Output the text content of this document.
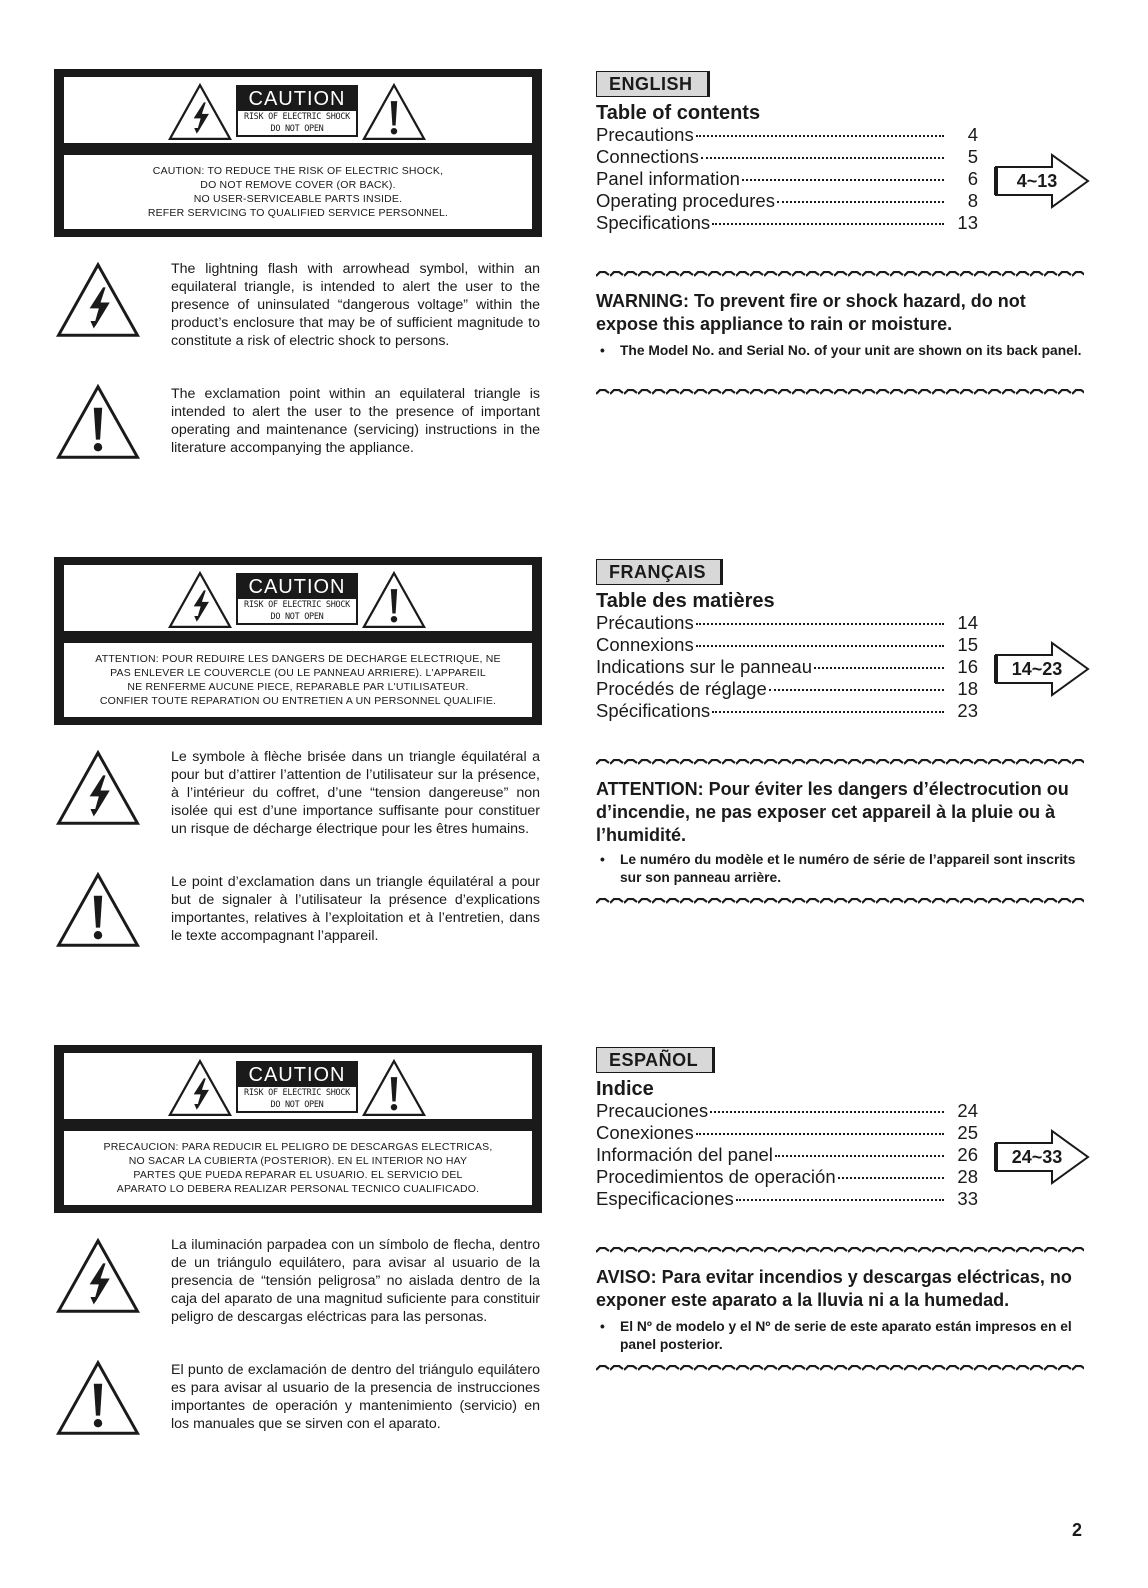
CAUTION
RISK OF ELECTRIC SHOCK
DO NOT OPEN
CAUTION: TO REDUCE THE RISK OF ELECTRIC SHOCK,
DO NOT REMOVE COVER (OR BACK).
NO USER-SERVICEABLE PARTS INSIDE.
REFER SERVICING TO QUALIFIED SERVICE PERSONNEL.
The lightning flash with arrowhead symbol, within an equilateral triangle, is intended to alert the user to the presence of uninsulated “dangerous voltage” within the product’s enclosure that may be of sufficient magnitude to constitute a risk of electric shock to persons.
The exclamation point within an equilateral triangle is intended to alert the user to the presence of important operating and maintenance (servicing) instructions in the literature accompanying the appliance.
ENGLISH
Table of contents
Precautions	4
Connections	5
Panel information	6
Operating procedures	8
Specifications	13
4~13
WARNING: To prevent fire or shock hazard, do not expose this appliance to rain or moisture.
• The Model No. and Serial No. of your unit are shown on its back panel.
CAUTION
RISK OF ELECTRIC SHOCK
DO NOT OPEN
ATTENTION: POUR REDUIRE LES DANGERS DE DECHARGE ELECTRIQUE, NE
PAS ENLEVER LE COUVERCLE (OU LE PANNEAU ARRIERE). L'APPAREIL
NE RENFERME AUCUNE PIECE, REPARABLE PAR L'UTILISATEUR.
CONFIER TOUTE REPARATION OU ENTRETIEN A UN PERSONNEL QUALIFIE.
Le symbole à flèche brisée dans un triangle équilatéral a pour but d’attirer l’attention de l’utilisateur sur la présence, à l’intérieur du coffret, d’une “tension dangereuse” non isolée qui est d’une importance suffisante pour constituer un risque de décharge électrique pour les êtres humains.
Le point d’exclamation dans un triangle équilatéral a pour but de signaler à l’utilisateur la présence d’explications importantes, relatives à l’exploitation et à l’entretien, dans le texte accompagnant l’appareil.
FRANÇAIS
Table des matières
Précautions	14
Connexions	15
Indications sur le panneau	16
Procédés de réglage	18
Spécifications	23
14~23
ATTENTION: Pour éviter les dangers d’électrocution ou d’incendie, ne pas exposer cet appareil à la pluie ou à l’humidité.
• Le numéro du modèle et le numéro de série de l’appareil sont inscrits sur son panneau arrière.
CAUTION
RISK OF ELECTRIC SHOCK
DO NOT OPEN
PRECAUCION: PARA REDUCIR EL PELIGRO DE DESCARGAS ELECTRICAS,
NO SACAR LA CUBIERTA (POSTERIOR). EN EL INTERIOR NO HAY
PARTES QUE PUEDA REPARAR EL USUARIO. EL SERVICIO DEL
APARATO LO DEBERA REALIZAR PERSONAL TECNICO CUALIFICADO.
La iluminación parpadea con un símbolo de flecha, dentro de un triángulo equilátero, para avisar al usuario de la presencia de “tensión peligrosa” no aislada dentro de la caja del aparato de una magnitud suficiente para constituir peligro de descargas eléctricas para las personas.
El punto de exclamación de dentro del triángulo equilátero es para avisar al usuario de la presencia de instrucciones importantes de operación y mantenimiento (servicio) en los manuales que se sirven con el aparato.
ESPAÑOL
Indice
Precauciones	24
Conexiones	25
Información del panel	26
Procedimientos de operación	28
Especificaciones	33
24~33
AVISO: Para evitar incendios y descargas eléctricas, no exponer este aparato a la lluvia ni a la humedad.
• El Nº de modelo y el Nº de serie de este aparato están impresos en el panel posterior.
2
